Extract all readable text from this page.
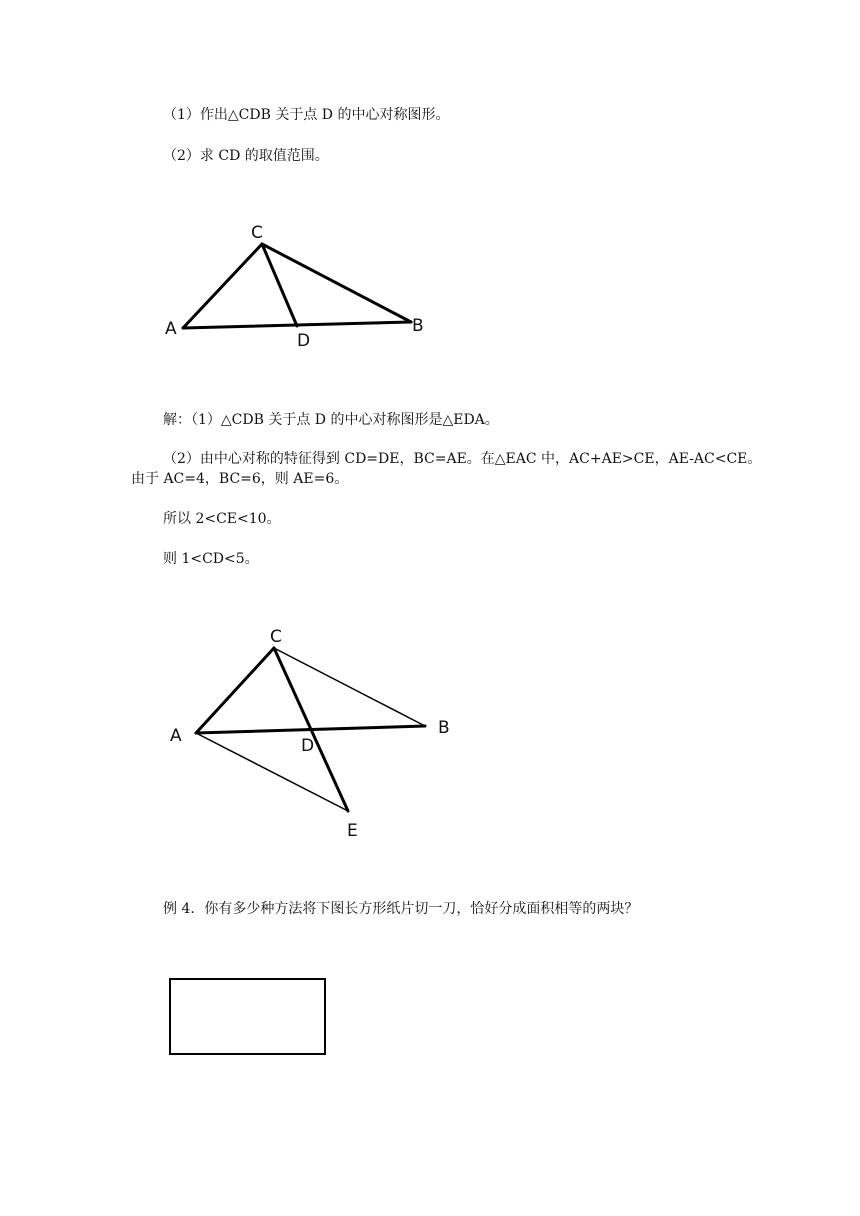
（1）作出△CDB 关于点 D 的中心对称图形。
（2）求 CD 的取值范围。
A	B
C
D
解：（1）△CDB 关于点 D 的中心对称图形是△EDA。
（2）由中心对称的特征得到 CD=DE，BC=AE。在△EAC 中，AC+AE>CE，AE-AC<CE。
由于 AC=4，BC=6，则 AE=6。
所以 2<CE<10。
则 1<CD<5。
A	B
C
D
E
例 4．你有多少种方法将下图长方形纸片切一刀，恰好分成面积相等的两块？
